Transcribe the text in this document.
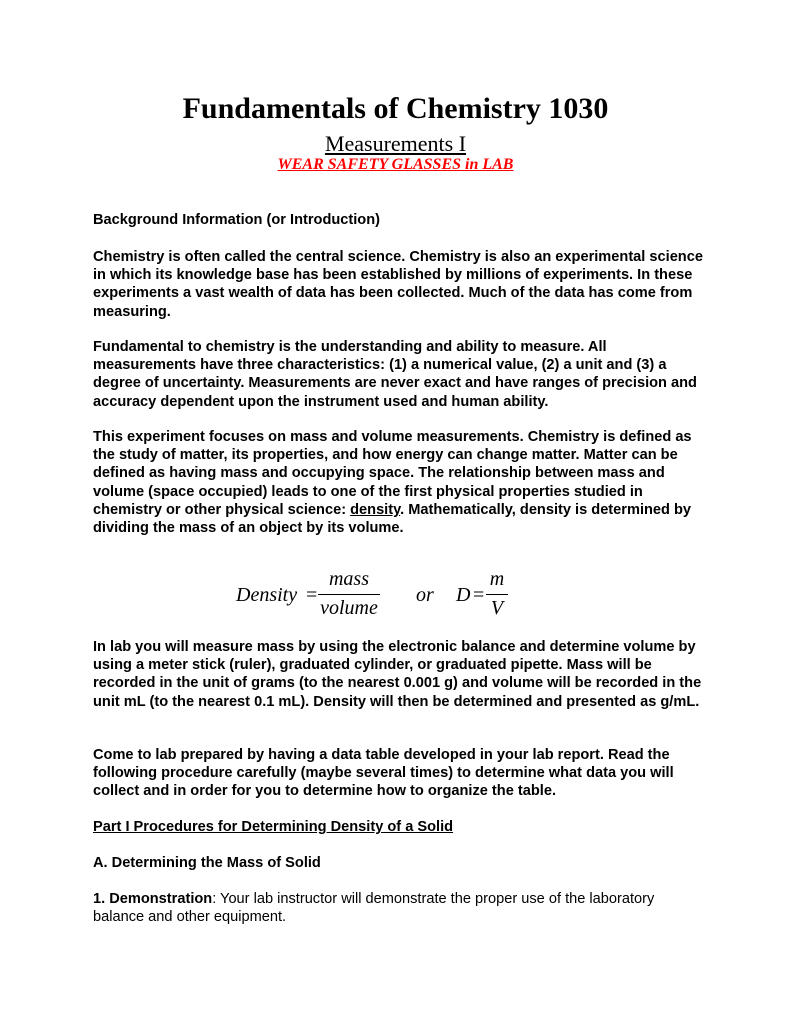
Fundamentals of Chemistry 1030
Measurements I
WEAR SAFETY GLASSES in LAB

Background Information (or Introduction)

Chemistry is often called the central science. Chemistry is also an experimental science in which its knowledge base has been established by millions of experiments. In these experiments a vast wealth of data has been collected. Much of the data has come from measuring.

Fundamental to chemistry is the understanding and ability to measure. All measurements have three characteristics: (1) a numerical value, (2) a unit and (3) a degree of uncertainty. Measurements are never exact and have ranges of precision and accuracy dependent upon the instrument used and human ability.

This experiment focuses on mass and volume measurements. Chemistry is defined as the study of matter, its properties, and how energy can change matter. Matter can be defined as having mass and occupying space. The relationship between mass and volume (space occupied) leads to one of the first physical properties studied in chemistry or other physical science: density. Mathematically, density is determined by dividing the mass of an object by its volume.

Density =
mass
volume
or D =
m
V

In lab you will measure mass by using the electronic balance and determine volume by using a meter stick (ruler), graduated cylinder, or graduated pipette. Mass will be recorded in the unit of grams (to the nearest 0.001 g) and volume will be recorded in the unit mL (to the nearest 0.1 mL). Density will then be determined and presented as g/mL.

Come to lab prepared by having a data table developed in your lab report. Read the following procedure carefully (maybe several times) to determine what data you will collect and in order for you to determine how to organize the table.

Part I Procedures for Determining Density of a Solid

A. Determining the Mass of Solid

1. Demonstration: Your lab instructor will demonstrate the proper use of the laboratory balance and other equipment.
